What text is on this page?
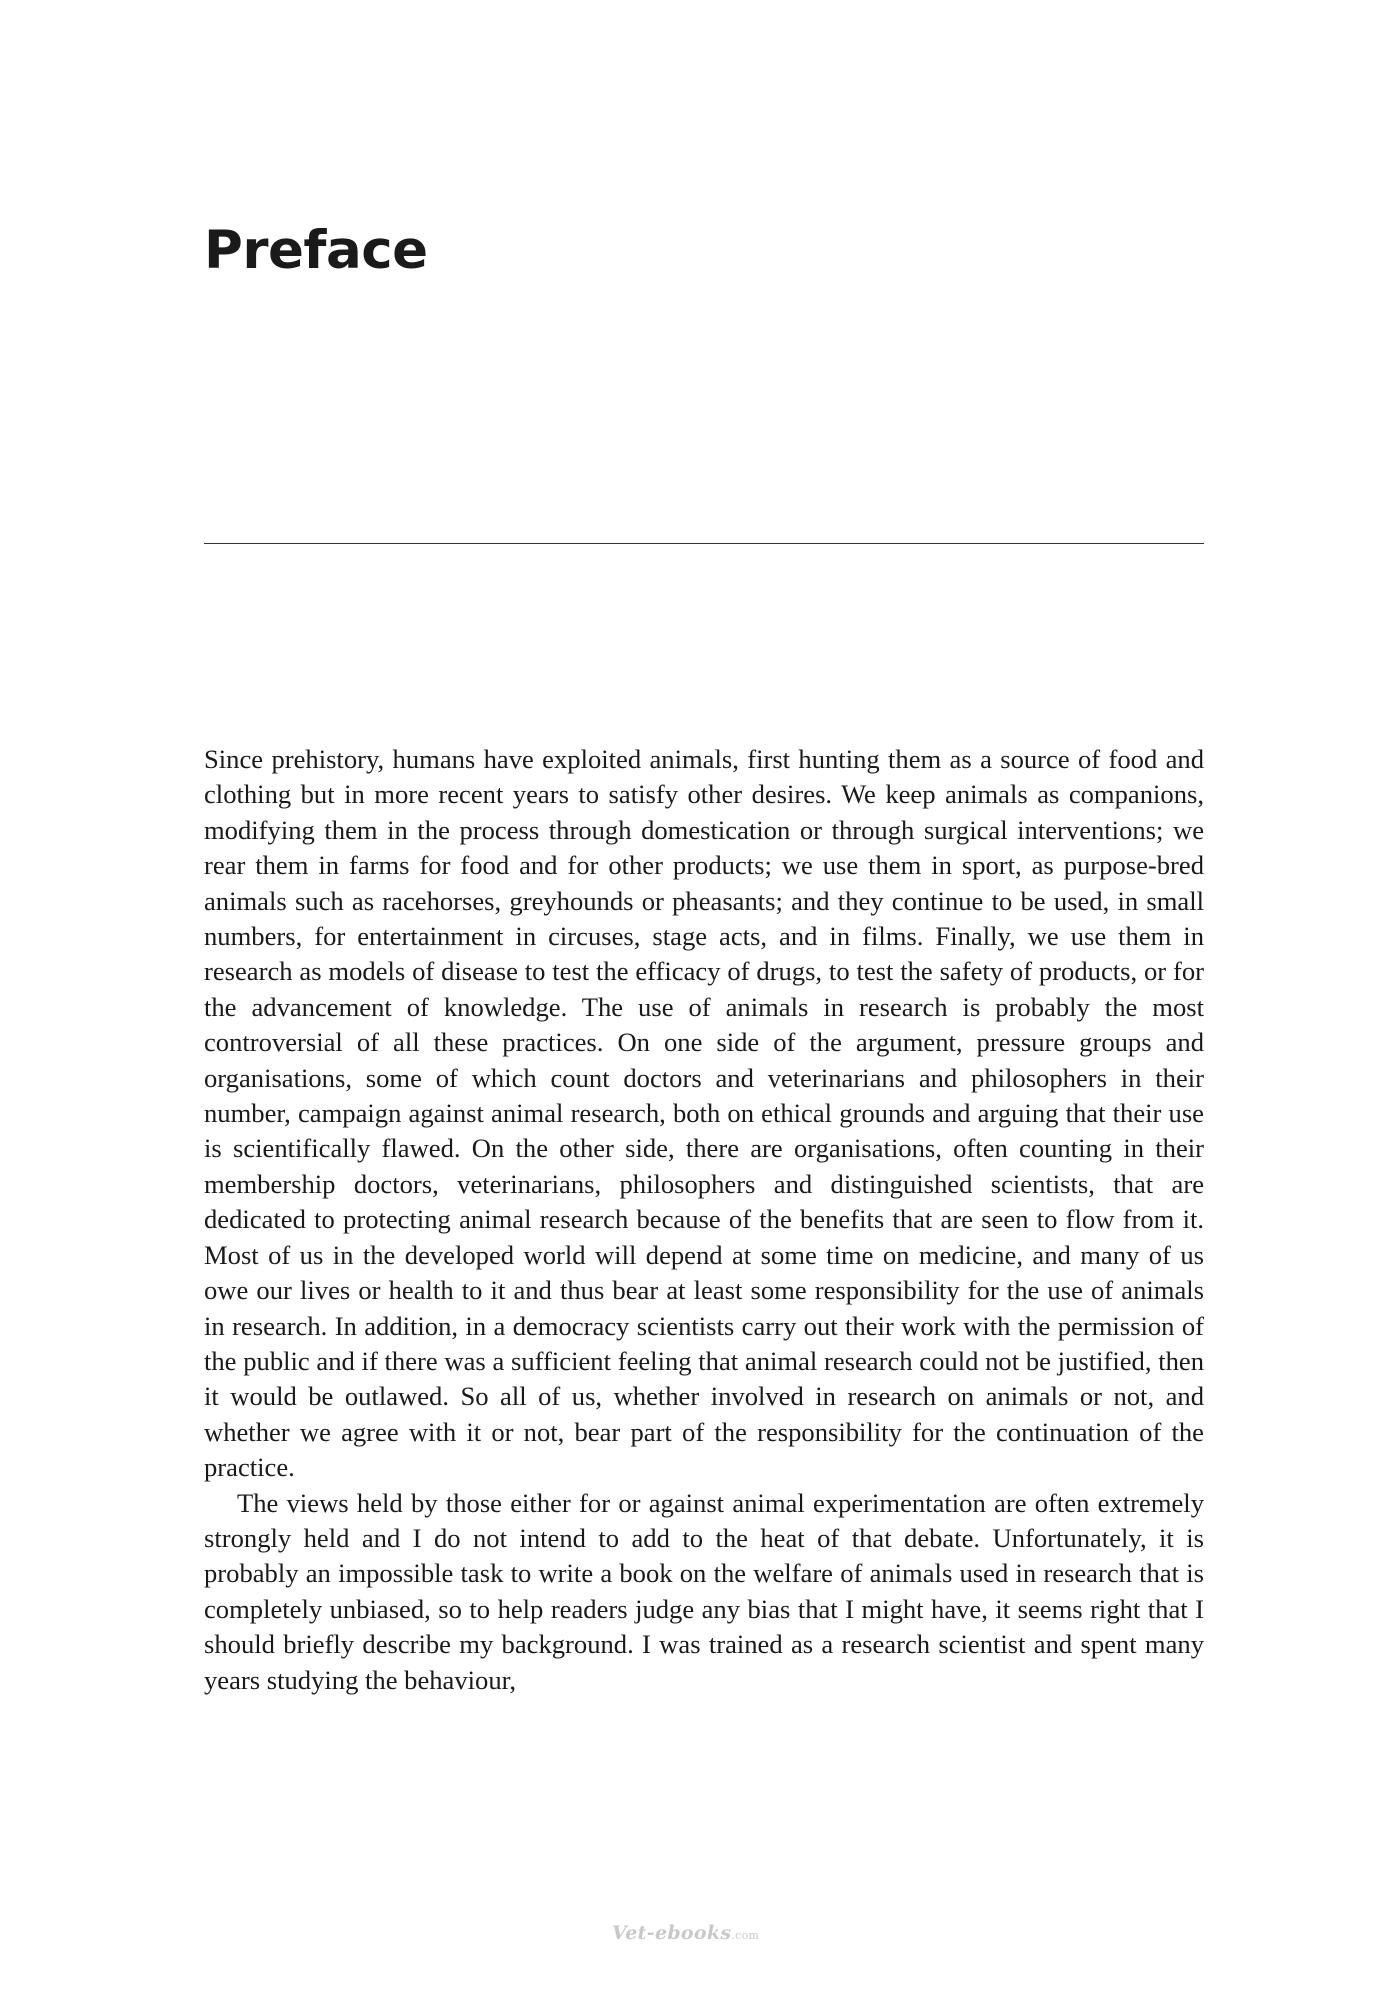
Preface

Since prehistory, humans have exploited animals, first hunting them as a source of food and clothing but in more recent years to satisfy other desires. We keep animals as companions, modifying them in the process through domestication or through surgical interventions; we rear them in farms for food and for other products; we use them in sport, as purpose-bred animals such as racehorses, greyhounds or pheasants; and they continue to be used, in small numbers, for entertainment in circuses, stage acts, and in films. Finally, we use them in research as models of disease to test the efficacy of drugs, to test the safety of products, or for the advancement of knowledge. The use of animals in research is probably the most controversial of all these practices. On one side of the argument, pressure groups and organisations, some of which count doctors and veterinarians and philosophers in their number, campaign against animal research, both on ethical grounds and arguing that their use is scientifically flawed. On the other side, there are organisations, often counting in their membership doctors, veterinarians, philosophers and distinguished scientists, that are dedicated to protecting animal research because of the benefits that are seen to flow from it. Most of us in the developed world will depend at some time on medicine, and many of us owe our lives or health to it and thus bear at least some responsibility for the use of animals in research. In addition, in a democracy scientists carry out their work with the permission of the public and if there was a sufficient feeling that animal research could not be justified, then it would be outlawed. So all of us, whether involved in research on animals or not, and whether we agree with it or not, bear part of the responsibility for the continuation of the practice.

The views held by those either for or against animal experimentation are often extremely strongly held and I do not intend to add to the heat of that debate. Unfortunately, it is probably an impossible task to write a book on the welfare of animals used in research that is completely unbiased, so to help readers judge any bias that I might have, it seems right that I should briefly describe my background. I was trained as a research scientist and spent many years studying the behaviour,

Vet-ebooks.com
